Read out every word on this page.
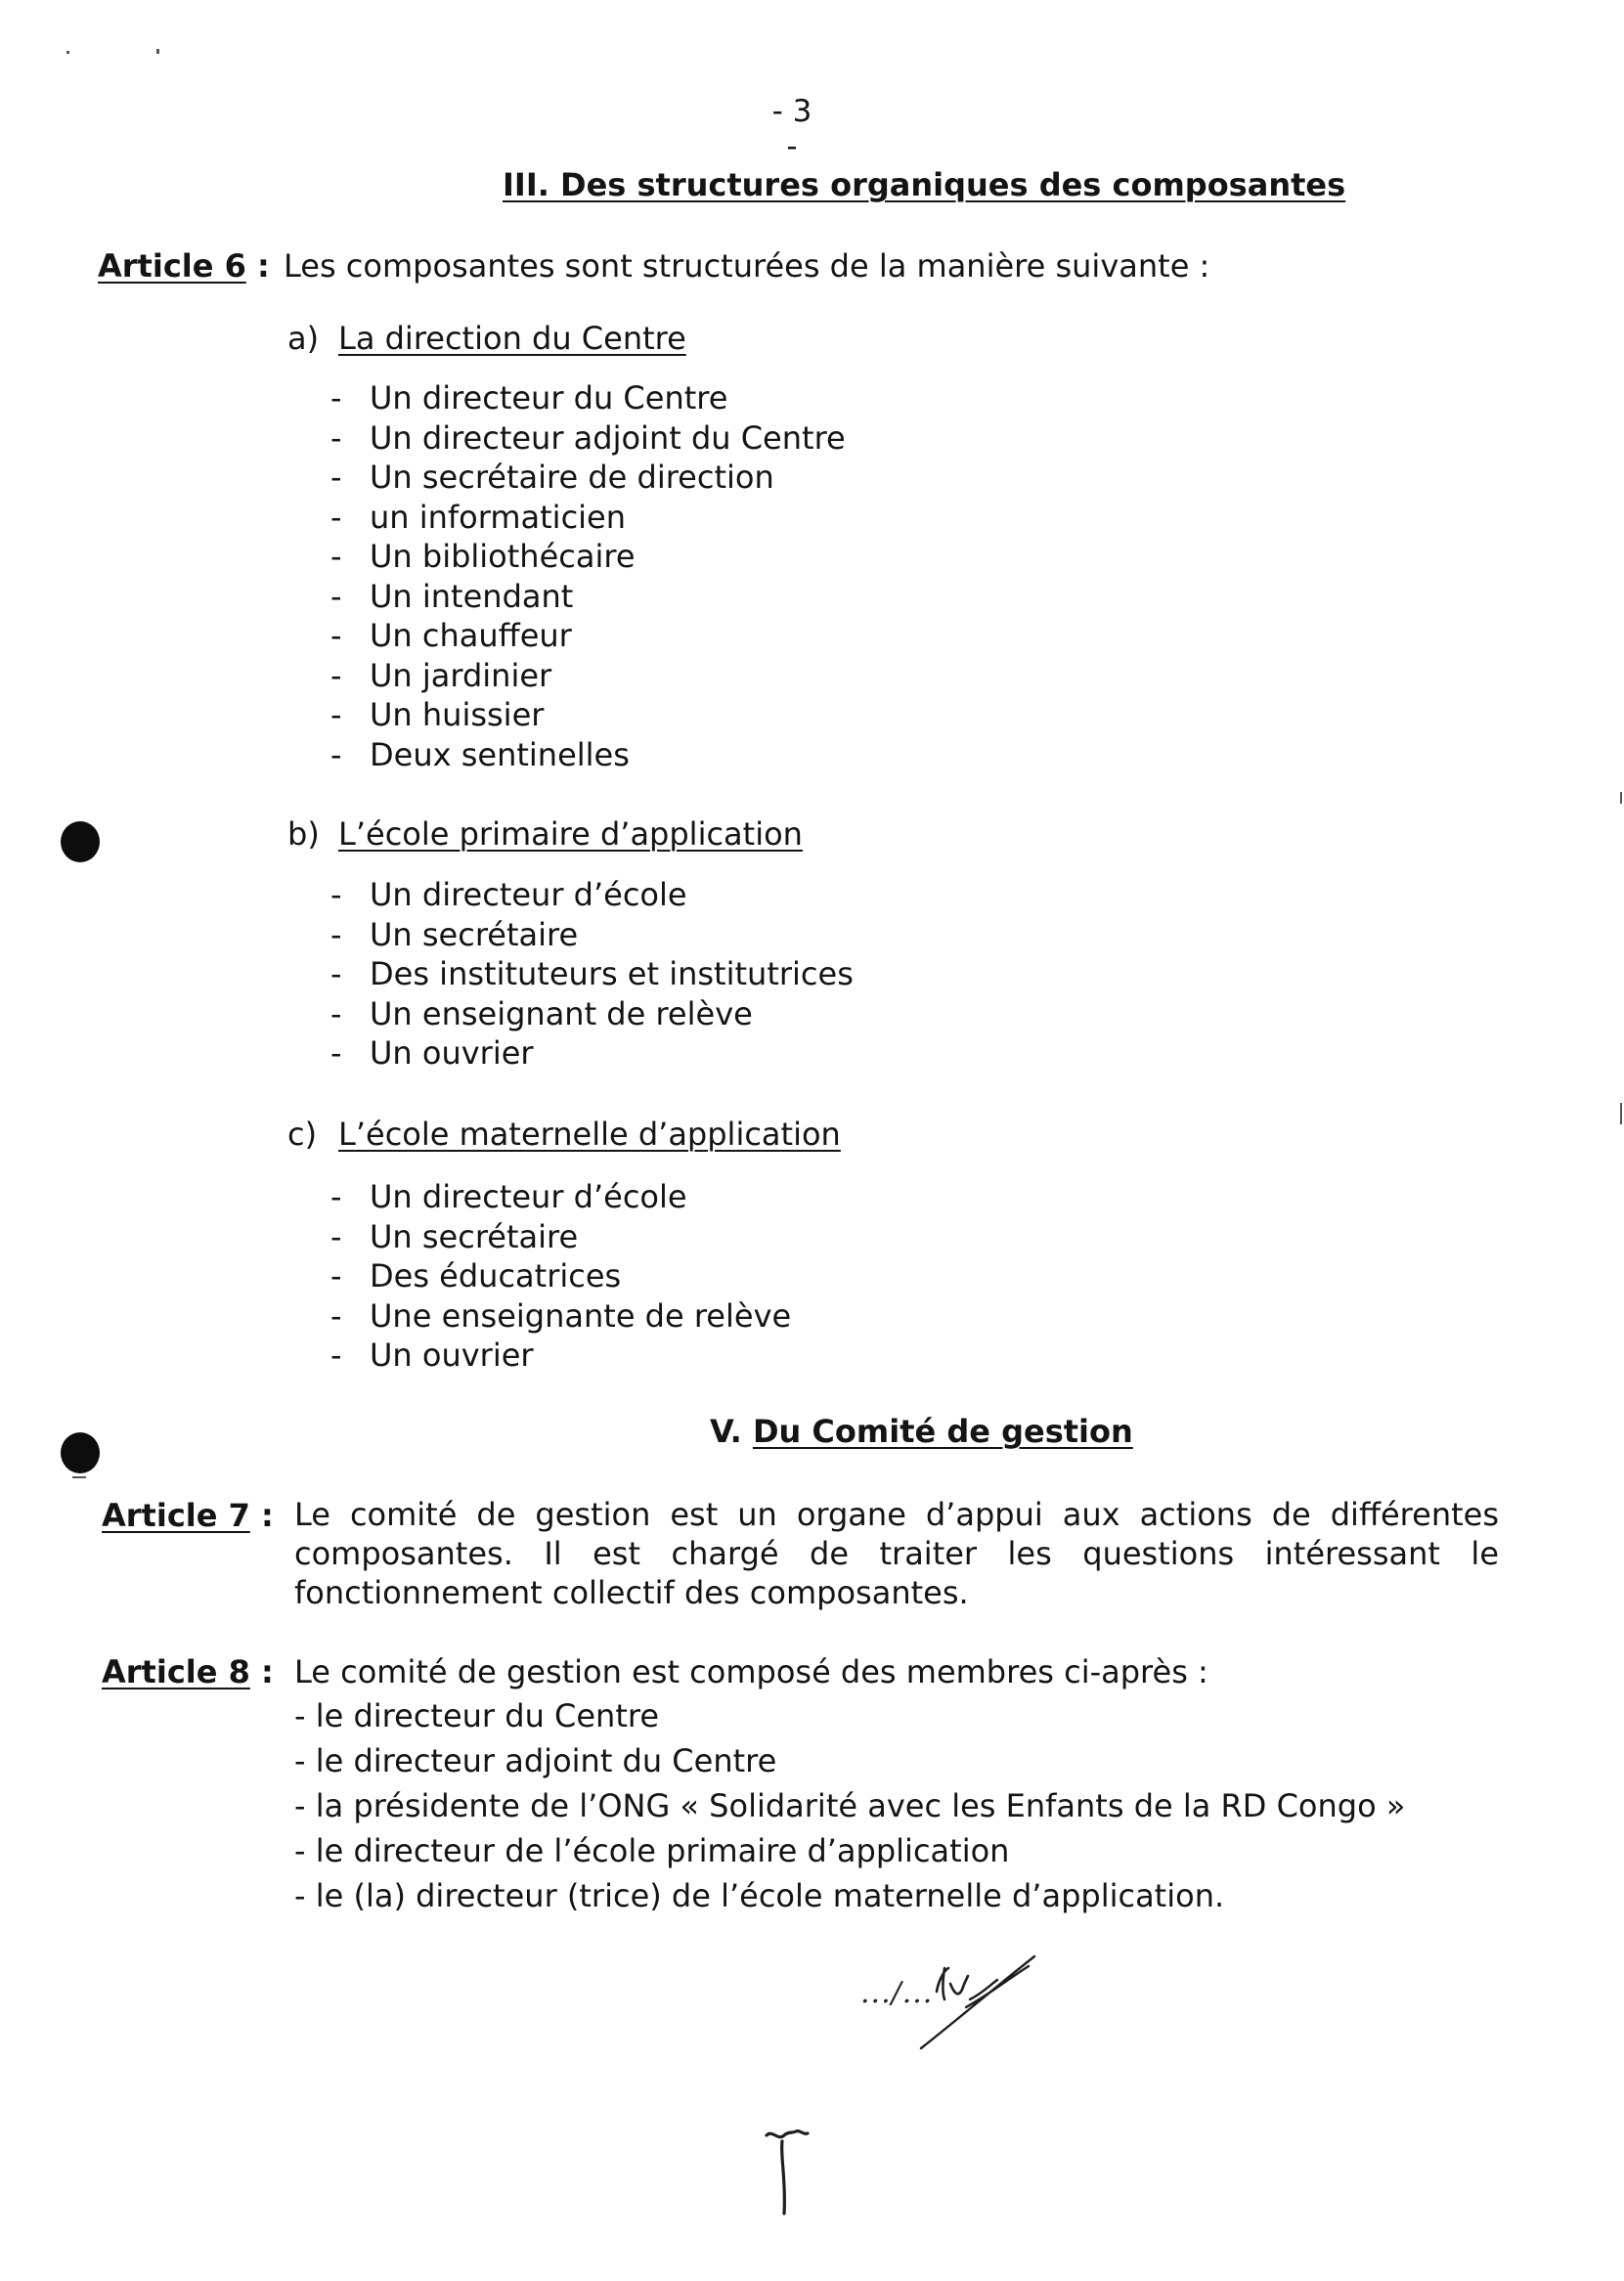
- 3 -
III. Des structures organiques des composantes
Article 6 : Les composantes sont structurées de la manière suivante :
a) La direction du Centre
- Un directeur du Centre
- Un directeur adjoint du Centre
- Un secrétaire de direction
- un informaticien
- Un bibliothécaire
- Un intendant
- Un chauffeur
- Un jardinier
- Un huissier
- Deux sentinelles
b) L’école primaire d’application
- Un directeur d’école
- Un secrétaire
- Des instituteurs et institutrices
- Un enseignant de relève
- Un ouvrier
c) L’école maternelle d’application
- Un directeur d’école
- Un secrétaire
- Des éducatrices
- Une enseignante de relève
- Un ouvrier
V. Du Comité de gestion
Article 7 : Le comité de gestion est un organe d’appui aux actions de différentes composantes. Il est chargé de traiter les questions intéressant le fonctionnement collectif des composantes.
Article 8 : Le comité de gestion est composé des membres ci-après :
- le directeur du Centre
- le directeur adjoint du Centre
- la présidente de l’ONG « Solidarité avec les Enfants de la RD Congo »
- le directeur de l’école primaire d’application
- le (la) directeur (trice) de l’école maternelle d’application.
.../...
